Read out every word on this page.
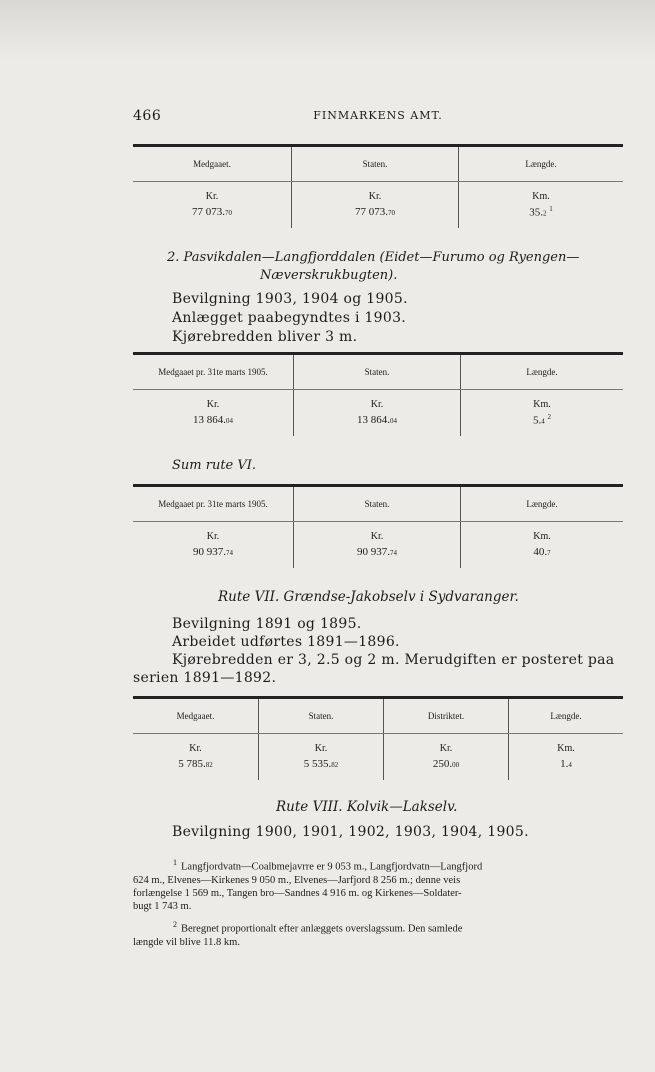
466	FINMARKENS AMT.
Medgaaet.	Staten.	Længde.
Kr.	Kr.	Km.
77 073.70	77 073.70	35.2 $^1$
2. Pasvikdalen—Langfjorddalen (Eidet—Furumo og Ryengen—
Næverskrukbugten).
Bevilgning 1903, 1904 og 1905.
Anlægget paabegyndtes i 1903.
Kjørebredden bliver 3 m.
Medgaaet pr. 31te marts 1905.	Staten.	Længde.
Kr.	Kr.	Km.
13 864.04	13 864.04	5.4 $^2$
Sum rute VI.
Medgaaet pr. 31te marts 1905.	Staten.	Længde.
Kr.	Kr.	Km.
90 937.74	90 937.74	40.7
Rute VII. Grændse-Jakobselv i Sydvaranger.
Bevilgning 1891 og 1895.
Arbeidet udførtes 1891—1896.
Kjørebredden er 3, 2.5 og 2 m. Merudgiften er posteret paa
serien 1891—1892.
Medgaaet.	Staten.	Distriktet.	Længde.
Kr.	Kr.	Kr.	Km.
5 785.82	5 535.82	250.00	1.4
Rute VIII. Kolvik—Lakselv.
Bevilgning 1900, 1901, 1902, 1903, 1904, 1905.
$^1$ Langfjordvatn—Coalbmejavrre er 9 053 m., Langfjordvatn—Langfjord
624 m., Elvenes—Kirkenes 9 050 m., Elvenes—Jarfjord 8 256 m.; denne veis
forlængelse 1 569 m., Tangen bro—Sandnes 4 916 m. og Kirkenes—Soldater-
bugt 1 743 m.
$^2$ Beregnet proportionalt efter anlæggets overslagssum. Den samlede
længde vil blive 11.8 km.
